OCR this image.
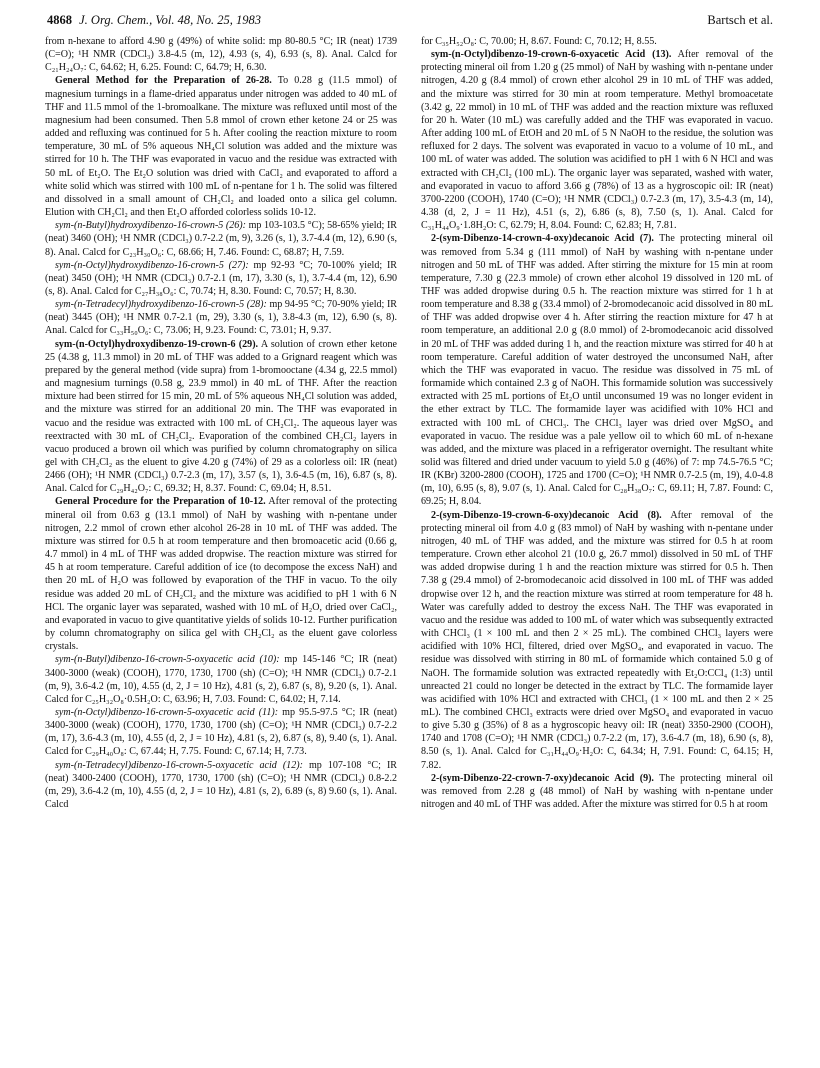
4868 J. Org. Chem., Vol. 48, No. 25, 1983	Bartsch et al.

from n-hexane to afford 4.90 g (49%) of white solid: mp 80-80.5 °C; IR (neat) 1739 (C=O); ¹H NMR (CDCl₃) 3.8-4.5 (m, 12), 4.93 (s, 4), 6.93 (s, 8). Anal. Calcd for C₂₁H₂₄O₇: C, 64.62; H, 6.25. Found: C, 64.79; H, 6.30.

General Method for the Preparation of 26-28. To 0.28 g (11.5 mmol) of magnesium turnings in a flame-dried apparatus under nitrogen was added to 40 mL of THF and 11.5 mmol of the 1-bromoalkane. The mixture was refluxed until most of the magnesium had been consumed. Then 5.8 mmol of crown ether ketone 24 or 25 was added and refluxing was continued for 5 h. After cooling the reaction mixture to room temperature, 30 mL of 5% aqueous NH₄Cl solution was added and the mixture was stirred for 10 h. The THF was evaporated in vacuo and the residue was extracted with 50 mL of Et₂O. The Et₂O solution was dried with CaCl₂ and evaporated to afford a white solid which was stirred with 100 mL of n-pentane for 1 h. The solid was filtered and dissolved in a small amount of CH₂Cl₂ and loaded onto a silica gel column. Elution with CH₂Cl₂ and then Et₂O afforded colorless solids 10-12.

sym-(n-Butyl)hydroxydibenzo-16-crown-5 (26): mp 103-103.5 °C); 58-65% yield; IR (neat) 3460 (OH); ¹H NMR (CDCl₃) 0.7-2.2 (m, 9), 3.26 (s, 1), 3.7-4.4 (m, 12), 6.90 (s, 8). Anal. Calcd for C₂₃H₃₀O₆: C, 68.66; H, 7.46. Found: C, 68.87; H, 7.59.

sym-(n-Octyl)hydroxydibenzo-16-crown-5 (27): mp 92-93 °C; 70-100% yield; IR (neat) 3450 (OH); ¹H NMR (CDCl₃) 0.7-2.1 (m, 17), 3.30 (s, 1), 3.7-4.4 (m, 12), 6.90 (s, 8). Anal. Calcd for C₂₇H₃₈O₆: C, 70.74; H, 8.30. Found: C, 70.57; H, 8.30.

sym-(n-Tetradecyl)hydroxydibenzo-16-crown-5 (28): mp 94-95 °C; 70-90% yield; IR (neat) 3445 (OH); ¹H NMR 0.7-2.1 (m, 29), 3.30 (s, 1), 3.8-4.3 (m, 12), 6.90 (s, 8). Anal. Calcd for C₃₃H₅₀O₆: C, 73.06; H, 9.23. Found: C, 73.01; H, 9.37.

sym-(n-Octyl)hydroxydibenzo-19-crown-6 (29). A solution of crown ether ketone 25 (4.38 g, 11.3 mmol) in 20 mL of THF was added to a Grignard reagent which was prepared by the general method (vide supra) from 1-bromooctane (4.34 g, 22.5 mmol) and magnesium turnings (0.58 g, 23.9 mmol) in 40 mL of THF. After the reaction mixture had been stirred for 15 min, 20 mL of 5% aqueous NH₄Cl solution was added, and the mixture was stirred for an additional 20 min. The THF was evaporated in vacuo and the residue was extracted with 100 mL of CH₂Cl₂. The aqueous layer was reextracted with 30 mL of CH₂Cl₂. Evaporation of the combined CH₂Cl₂ layers in vacuo produced a brown oil which was purified by column chromatography on silica gel with CH₂Cl₂ as the eluent to give 4.20 g (74%) of 29 as a colorless oil: IR (neat) 2466 (OH); ¹H NMR (CDCl₃) 0.7-2.3 (m, 17), 3.57 (s, 1), 3.6-4.5 (m, 16), 6.87 (s, 8). Anal. Calcd for C₂₉H₄₂O₇: C, 69.32; H, 8.37. Found: C, 69.04; H, 8.51.

General Procedure for the Preparation of 10-12. After removal of the protecting mineral oil from 0.63 g (13.1 mmol) of NaH by washing with n-pentane under nitrogen, 2.2 mmol of crown ether alcohol 26-28 in 10 mL of THF was added. The mixture was stirred for 0.5 h at room temperature and then bromoacetic acid (0.66 g, 4.7 mmol) in 4 mL of THF was added dropwise. The reaction mixture was stirred for 45 h at room temperature. Careful addition of ice (to decompose the excess NaH) and then 20 mL of H₂O was followed by evaporation of the THF in vacuo. To the oily residue was added 20 mL of CH₂Cl₂ and the mixture was acidified to pH 1 with 6 N HCl. The organic layer was separated, washed with 10 mL of H₂O, dried over CaCl₂, and evaporated in vacuo to give quantitative yields of solids 10-12. Further purification by column chromatography on silica gel with CH₂Cl₂ as the eluent gave colorless crystals.

sym-(n-Butyl)dibenzo-16-crown-5-oxyacetic acid (10): mp 145-146 °C; IR (neat) 3400-3000 (weak) (COOH), 1770, 1730, 1700 (sh) (C=O); ¹H NMR (CDCl₃) 0.7-2.1 (m, 9), 3.6-4.2 (m, 10), 4.55 (d, 2, J = 10 Hz), 4.81 (s, 2), 6.87 (s, 8), 9.20 (s, 1). Anal. Calcd for C₂₅H₃₂O₈·0.5H₂O: C, 63.96; H, 7.03. Found: C, 64.02; H, 7.14.

sym-(n-Octyl)dibenzo-16-crown-5-oxyacetic acid (11): mp 95.5-97.5 °C; IR (neat) 3400-3000 (weak) (COOH), 1770, 1730, 1700 (sh) (C=O); ¹H NMR (CDCl₃) 0.7-2.2 (m, 17), 3.6-4.3 (m, 10), 4.55 (d, 2, J = 10 Hz), 4.81 (s, 2), 6.87 (s, 8), 9.40 (s, 1). Anal. Calcd for C₂₉H₄₀O₈: C, 67.44; H, 7.75. Found: C, 67.14; H, 7.73.

sym-(n-Tetradecyl)dibenzo-16-crown-5-oxyacetic acid (12): mp 107-108 °C; IR (neat) 3400-2400 (COOH), 1770, 1730, 1700 (sh) (C=O); ¹H NMR (CDCl₃) 0.8-2.2 (m, 29), 3.6-4.2 (m, 10), 4.55 (d, 2, J = 10 Hz), 4.81 (s, 2), 6.89 (s, 8) 9.60 (s, 1). Anal. Calcd

for C₃₅H₅₂O₈: C, 70.00; H, 8.67. Found: C, 70.12; H, 8.55.

sym-(n-Octyl)dibenzo-19-crown-6-oxyacetic Acid (13). After removal of the protecting mineral oil from 1.20 g (25 mmol) of NaH by washing with n-pentane under nitrogen, 4.20 g (8.4 mmol) of crown ether alcohol 29 in 10 mL of THF was added, and the mixture was stirred for 30 min at room temperature. Methyl bromoacetate (3.42 g, 22 mmol) in 10 mL of THF was added and the reaction mixture was refluxed for 20 h. Water (10 mL) was carefully added and the THF was evaporated in vacuo. After adding 100 mL of EtOH and 20 mL of 5 N NaOH to the residue, the solution was refluxed for 2 days. The solvent was evaporated in vacuo to a volume of 10 mL, and 100 mL of water was added. The solution was acidified to pH 1 with 6 N HCl and was extracted with CH₂Cl₂ (100 mL). The organic layer was separated, washed with water, and evaporated in vacuo to afford 3.66 g (78%) of 13 as a hygroscopic oil: IR (neat) 3700-2200 (COOH), 1740 (C=O); ¹H NMR (CDCl₃) 0.7-2.3 (m, 17), 3.5-4.3 (m, 14), 4.38 (d, 2, J = 11 Hz), 4.51 (s, 2), 6.86 (s, 8), 7.50 (s, 1). Anal. Calcd for C₃₁H₄₄O₉·1.8H₂O: C, 62.79; H, 8.04. Found: C, 62.83; H, 7.81.

2-(sym-Dibenzo-14-crown-4-oxy)decanoic Acid (7). The protecting mineral oil was removed from 5.34 g (111 mmol) of NaH by washing with n-pentane under nitrogen and 50 mL of THF was added. After stirring the mixture for 15 min at room temperature, 7.30 g (22.3 mmole) of crown ether alcohol 19 dissolved in 120 mL of THF was added dropwise during 0.5 h. The reaction mixture was stirred for 1 h at room temperature and 8.38 g (33.4 mmol) of 2-bromodecanoic acid dissolved in 80 mL of THF was added dropwise over 4 h. After stirring the reaction mixture for 47 h at room temperature, an additional 2.0 g (8.0 mmol) of 2-bromodecanoic acid dissolved in 20 mL of THF was added during 1 h, and the reaction mixture was stirred for 40 h at room temperature. Careful addition of water destroyed the unconsumed NaH, after which the THF was evaporated in vacuo. The residue was dissolved in 75 mL of formamide which contained 2.3 g of NaOH. This formamide solution was successively extracted with 25 mL portions of Et₂O until unconsumed 19 was no longer evident in the ether extract by TLC. The formamide layer was acidified with 10% HCl and extracted with 100 mL of CHCl₃. The CHCl₃ layer was dried over MgSO₄ and evaporated in vacuo. The residue was a pale yellow oil to which 60 mL of n-hexane was added, and the mixture was placed in a refrigerator overnight. The resultant white solid was filtered and dried under vacuum to yield 5.0 g (46%) of 7: mp 74.5-76.5 °C; IR (KBr) 3200-2800 (COOH), 1725 and 1700 (C=O); ¹H NMR 0.7-2.5 (m, 19), 4.0-4.8 (m, 10), 6.95 (s, 8), 9.07 (s, 1). Anal. Calcd for C₂₈H₃₈O₇: C, 69.11; H, 7.87. Found: C, 69.25; H, 8.04.

2-(sym-Dibenzo-19-crown-6-oxy)decanoic Acid (8). After removal of the protecting mineral oil from 4.0 g (83 mmol) of NaH by washing with n-pentane under nitrogen, 40 mL of THF was added, and the mixture was stirred for 0.5 h at room temperature. Crown ether alcohol 21 (10.0 g, 26.7 mmol) dissolved in 50 mL of THF was added dropwise during 1 h and the reaction mixture was stirred for 0.5 h. Then 7.38 g (29.4 mmol) of 2-bromodecanoic acid dissolved in 100 mL of THF was added dropwise over 12 h, and the reaction mixture was stirred at room temperature for 48 h. Water was carefully added to destroy the excess NaH. The THF was evaporated in vacuo and the residue was added to 100 mL of water which was subsequently extracted with CHCl₃ (1 × 100 mL and then 2 × 25 mL). The combined CHCl₃ layers were acidified with 10% HCl, filtered, dried over MgSO₄, and evaporated in vacuo. The residue was dissolved with stirring in 80 mL of formamide which contained 5.0 g of NaOH. The formamide solution was extracted repeatedly with Et₂O:CCl₄ (1:3) until unreacted 21 could no longer be detected in the extract by TLC. The formamide layer was acidified with 10% HCl and extracted with CHCl₃ (1 × 100 mL and then 2 × 25 mL). The combined CHCl₃ extracts were dried over MgSO₄ and evaporated in vacuo to give 5.30 g (35%) of 8 as a hygroscopic heavy oil: IR (neat) 3350-2900 (COOH), 1740 and 1708 (C=O); ¹H NMR (CDCl₃) 0.7-2.2 (m, 17), 3.6-4.7 (m, 18), 6.90 (s, 8), 8.50 (s, 1). Anal. Calcd for C₃₁H₄₄O₉·H₂O: C, 64.34; H, 7.91. Found: C, 64.15; H, 7.82.

2-(sym-Dibenzo-22-crown-7-oxy)decanoic Acid (9). The protecting mineral oil was removed from 2.28 g (48 mmol) of NaH by washing with n-pentane under nitrogen and 40 mL of THF was added. After the mixture was stirred for 0.5 h at room
